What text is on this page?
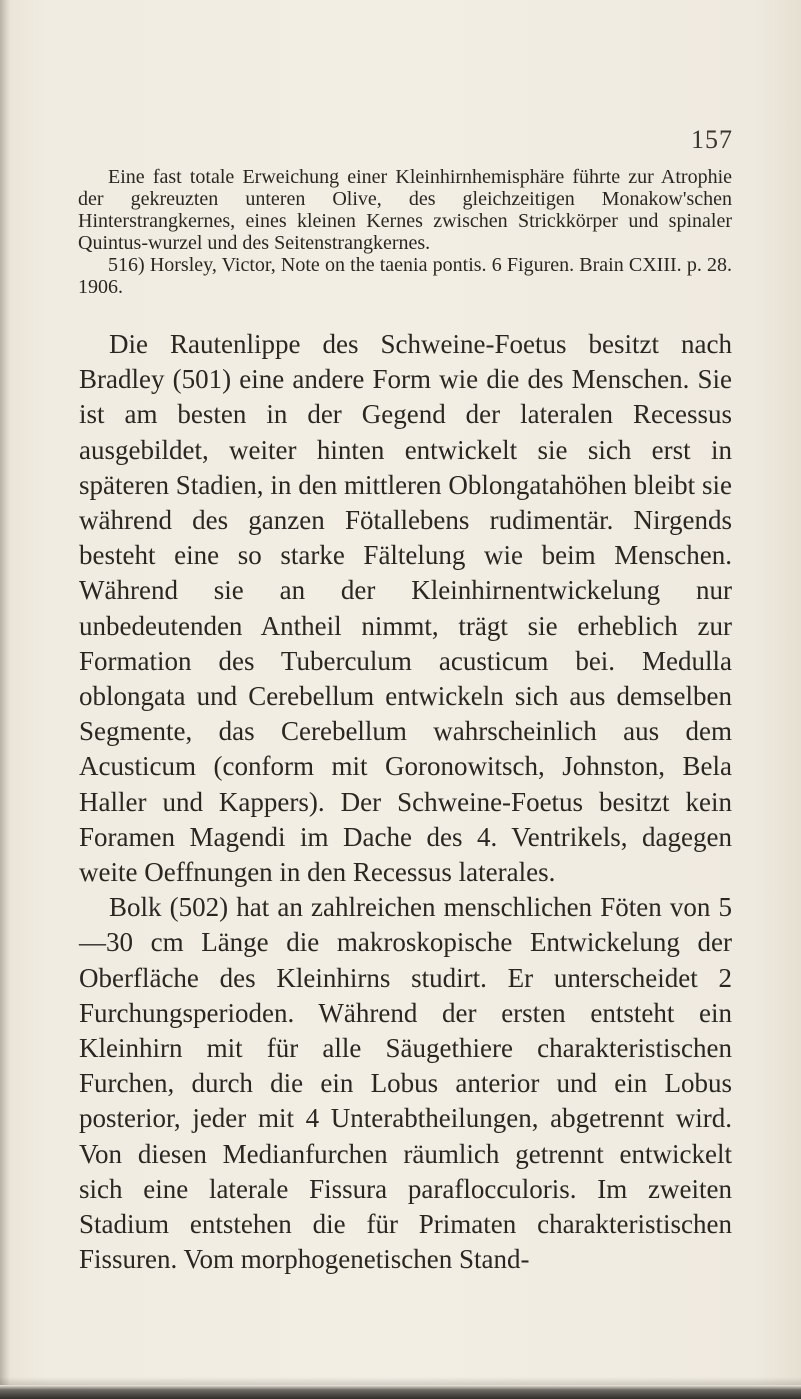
157

Eine fast totale Erweichung einer Kleinhirnhemisphäre führte zur Atrophie der gekreuzten unteren Olive, des gleichzeitigen Monakow'schen Hinterstrangkernes, eines kleinen Kernes zwischen Strickkörper und spinaler Quintus-wurzel und des Seitenstrangkernes.

516) Horsley, Victor, Note on the taenia pontis. 6 Figuren. Brain CXIII. p. 28. 1906.

Die Rautenlippe des Schweine-Foetus besitzt nach Bradley (501) eine andere Form wie die des Menschen. Sie ist am besten in der Gegend der lateralen Recessus ausgebildet, weiter hinten entwickelt sie sich erst in späteren Stadien, in den mittleren Oblongatahöhen bleibt sie während des ganzen Fötallebens rudimentär. Nirgends besteht eine so starke Fältelung wie beim Menschen. Während sie an der Kleinhirnentwickelung nur unbedeutenden Antheil nimmt, trägt sie erheblich zur Formation des Tuberculum acusticum bei. Medulla oblongata und Cerebellum entwickeln sich aus demselben Segmente, das Cerebellum wahrscheinlich aus dem Acusticum (conform mit Goronowitsch, Johnston, Bela Haller und Kappers). Der Schweine-Foetus besitzt kein Foramen Magendi im Dache des 4. Ventrikels, dagegen weite Oeffnungen in den Recessus laterales.

Bolk (502) hat an zahlreichen menschlichen Föten von 5—30 cm Länge die makroskopische Entwickelung der Oberfläche des Kleinhirns studirt. Er unterscheidet 2 Furchungsperioden. Während der ersten entsteht ein Kleinhirn mit für alle Säugethiere charakteristischen Furchen, durch die ein Lobus anterior und ein Lobus posterior, jeder mit 4 Unterabtheilungen, abgetrennt wird. Von diesen Medianfurchen räumlich getrennt entwickelt sich eine laterale Fissura paraflocculoris. Im zweiten Stadium entstehen die für Primaten charakteristischen Fissuren. Vom morphogenetischen Stand-
